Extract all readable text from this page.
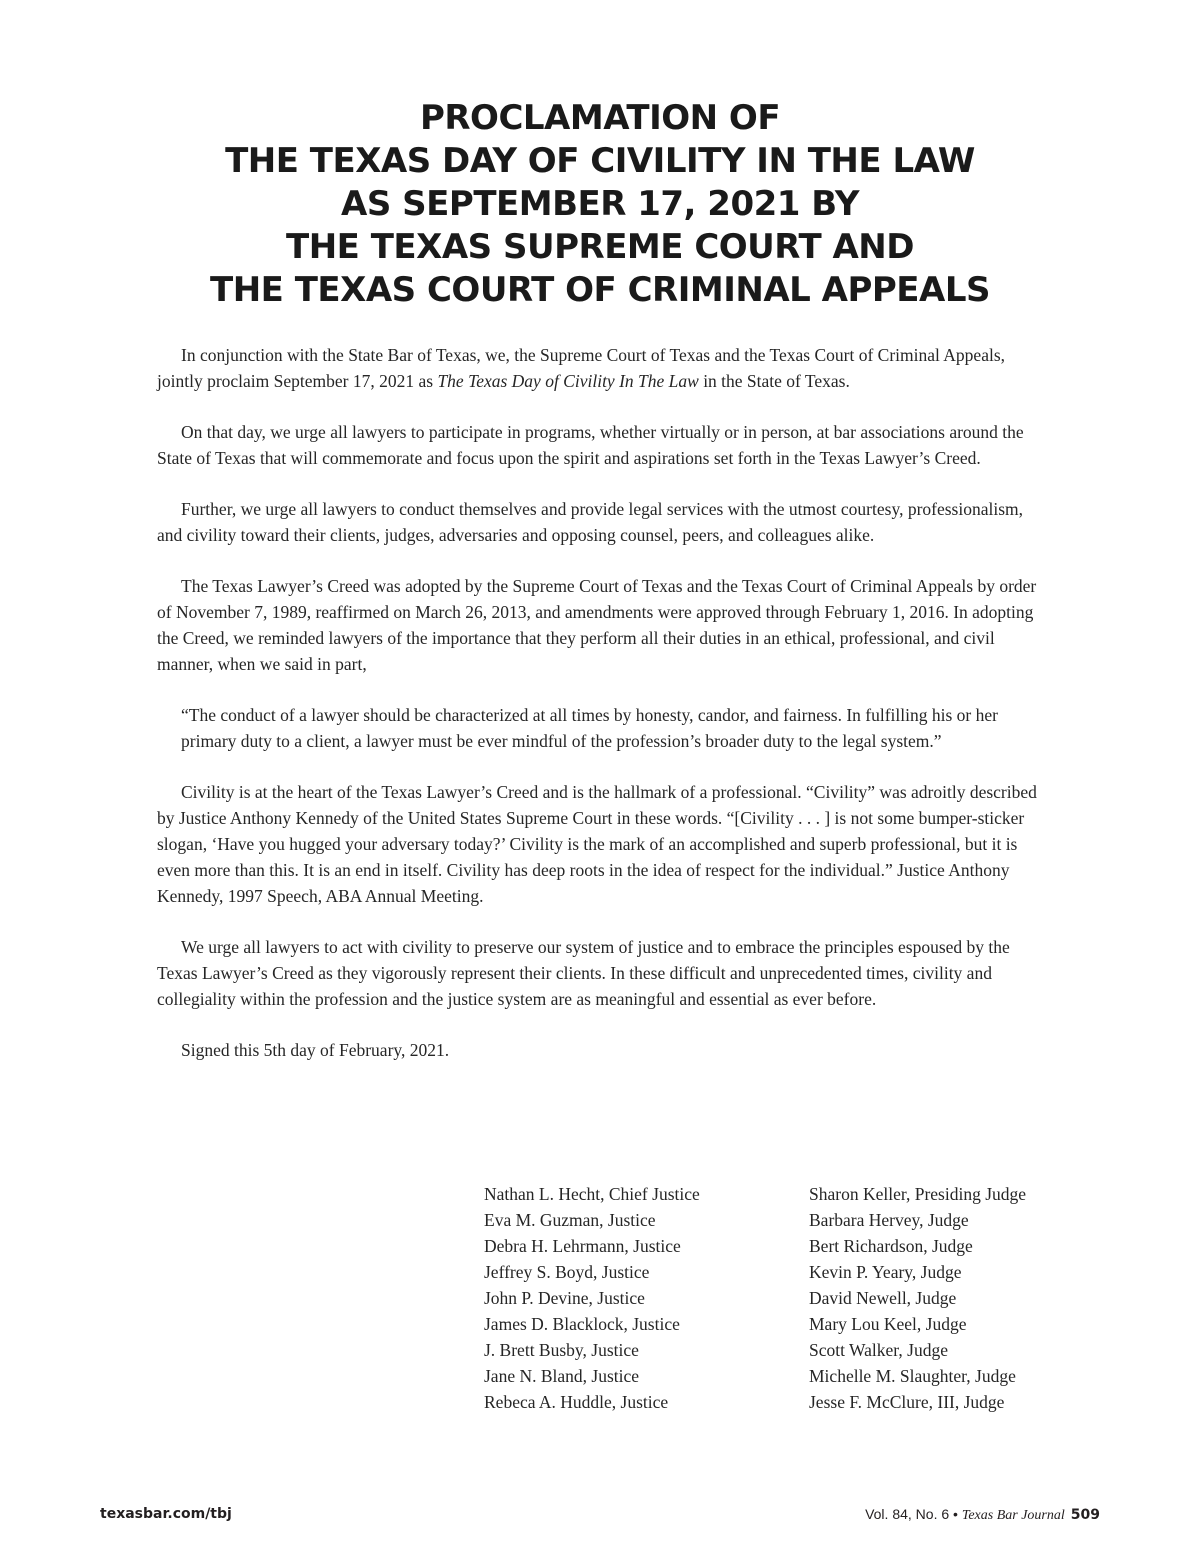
PROCLAMATION OF
THE TEXAS DAY OF CIVILITY IN THE LAW
AS SEPTEMBER 17, 2021 BY
THE TEXAS SUPREME COURT AND
THE TEXAS COURT OF CRIMINAL APPEALS

In conjunction with the State Bar of Texas, we, the Supreme Court of Texas and the Texas Court of Criminal Appeals, jointly proclaim September 17, 2021 as The Texas Day of Civility In The Law in the State of Texas.

On that day, we urge all lawyers to participate in programs, whether virtually or in person, at bar associations around the State of Texas that will commemorate and focus upon the spirit and aspirations set forth in the Texas Lawyer’s Creed.

Further, we urge all lawyers to conduct themselves and provide legal services with the utmost courtesy, professionalism, and civility toward their clients, judges, adversaries and opposing counsel, peers, and colleagues alike.

The Texas Lawyer’s Creed was adopted by the Supreme Court of Texas and the Texas Court of Criminal Appeals by order of November 7, 1989, reaffirmed on March 26, 2013, and amendments were approved through February 1, 2016. In adopting the Creed, we reminded lawyers of the importance that they perform all their duties in an ethical, professional, and civil manner, when we said in part,

“The conduct of a lawyer should be characterized at all times by honesty, candor, and fairness. In fulfilling his or her primary duty to a client, a lawyer must be ever mindful of the profession’s broader duty to the legal system.”

Civility is at the heart of the Texas Lawyer’s Creed and is the hallmark of a professional. “Civility” was adroitly described by Justice Anthony Kennedy of the United States Supreme Court in these words. “[Civility . . . ] is not some bumper-sticker slogan, ‘Have you hugged your adversary today?’ Civility is the mark of an accomplished and superb professional, but it is even more than this. It is an end in itself. Civility has deep roots in the idea of respect for the individual.” Justice Anthony Kennedy, 1997 Speech, ABA Annual Meeting.

We urge all lawyers to act with civility to preserve our system of justice and to embrace the principles espoused by the Texas Lawyer’s Creed as they vigorously represent their clients. In these difficult and unprecedented times, civility and collegiality within the profession and the justice system are as meaningful and essential as ever before.

Signed this 5th day of February, 2021.

Nathan L. Hecht, Chief Justice
Eva M. Guzman, Justice
Debra H. Lehrmann, Justice
Jeffrey S. Boyd, Justice
John P. Devine, Justice
James D. Blacklock, Justice
J. Brett Busby, Justice
Jane N. Bland, Justice
Rebeca A. Huddle, Justice
Sharon Keller, Presiding Judge
Barbara Hervey, Judge
Bert Richardson, Judge
Kevin P. Yeary, Judge
David Newell, Judge
Mary Lou Keel, Judge
Scott Walker, Judge
Michelle M. Slaughter, Judge
Jesse F. McClure, III, Judge
texasbar.com/tbj	Vol. 84, No. 6 • Texas Bar Journal 509
